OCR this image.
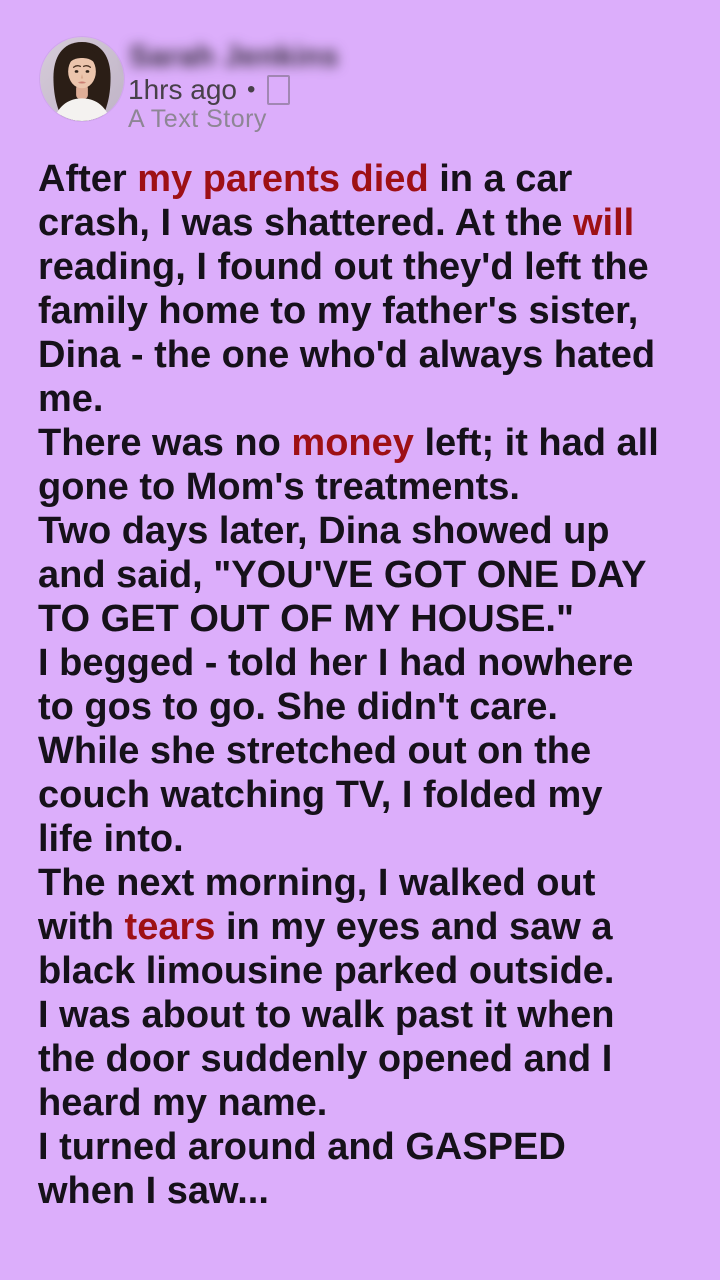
Sarah Jenkins
1hrs ago •
A Text Story
After my parents died in a car
crash, I was shattered. At the will
reading, I found out they'd left the
family home to my father's sister,
Dina - the one who'd always hated
me.
There was no money left; it had all
gone to Mom's treatments.
Two days later, Dina showed up
and said, "YOU'VE GOT ONE DAY
TO GET OUT OF MY HOUSE."
I begged - told her I had nowhere
to gos to go. She didn't care.
While she stretched out on the
couch watching TV, I folded my
life into.
The next morning, I walked out
with tears in my eyes and saw a
black limousine parked outside.
I was about to walk past it when
the door suddenly opened and I
heard my name.
I turned around and GASPED
when I saw...
